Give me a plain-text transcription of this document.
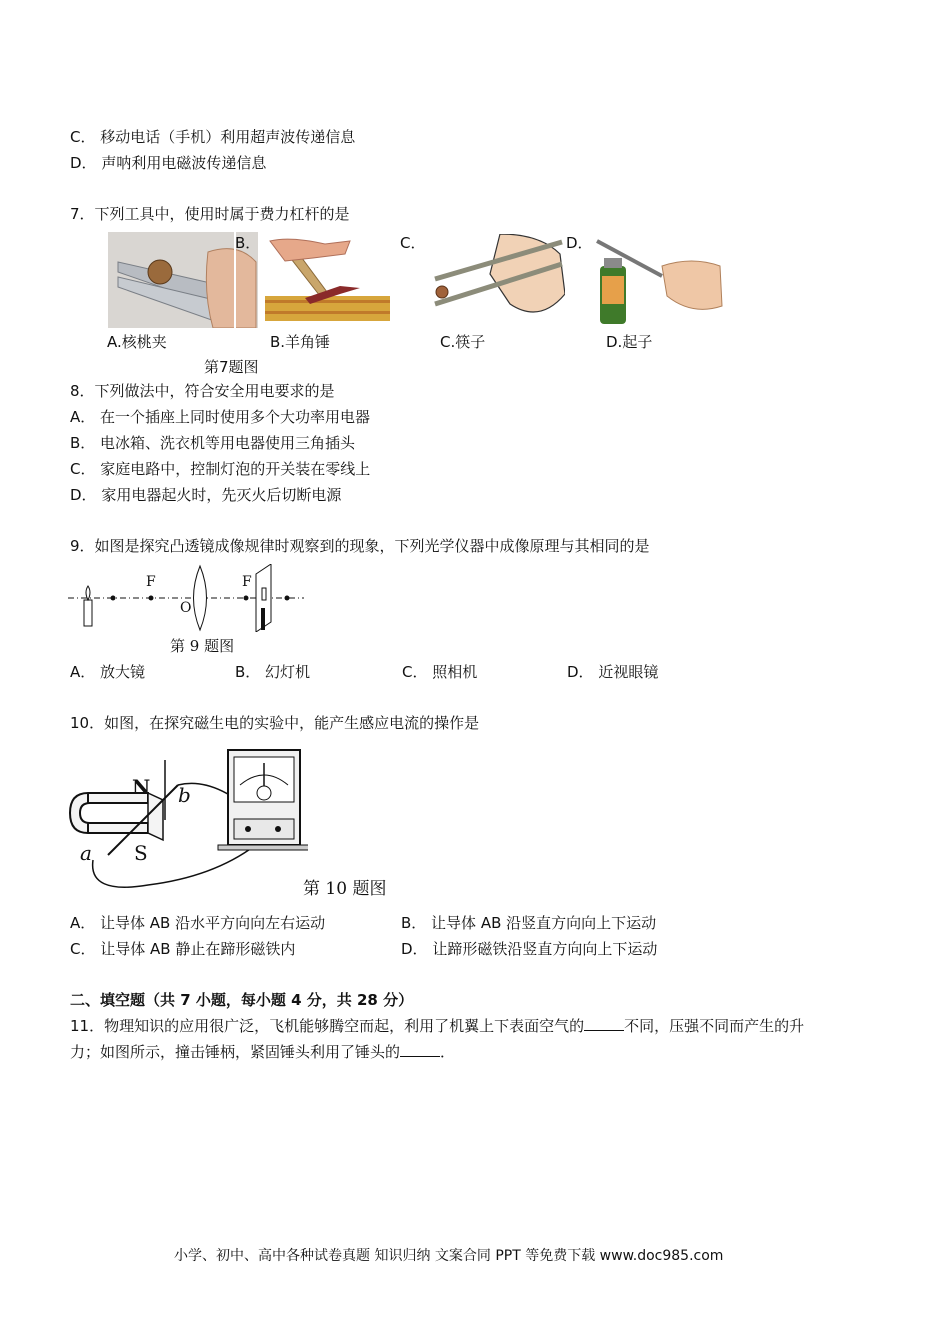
C． 移动电话（手机）利用超声波传递信息
D． 声呐利用电磁波传递信息
7．下列工具中，使用时属于费力杠杆的是
B．	C．	D．
A.核桃夹	B.羊角锤	C.筷子	D.起子
第7题图
8．下列做法中，符合安全用电要求的是
A． 在一个插座上同时使用多个大功率用电器
B． 电冰箱、洗衣机等用电器使用三角插头
C． 家庭电路中，控制灯泡的开关装在零线上
D． 家用电器起火时，先灭火后切断电源
9．如图是探究凸透镜成像规律时观察到的现象，下列光学仪器中成像原理与其相同的是
F
O
F
第 9 题图
A． 放大镜	B． 幻灯机	C． 照相机	D． 近视眼镜
10．如图，在探究磁生电的实验中，能产生感应电流的操作是
N
S
a
b
第 10 题图
A． 让导体 AB 沿水平方向向左右运动	B． 让导体 AB 沿竖直方向向上下运动
C． 让导体 AB 静止在蹄形磁铁内	D． 让蹄形磁铁沿竖直方向向上下运动
二、填空题（共 7 小题，每小题 4 分，共 28 分）
11．物理知识的应用很广泛，飞机能够腾空而起，利用了机翼上下表面空气的	不同，压强不同而产生的升
力；如图所示，撞击锤柄，紧固锤头利用了锤头的	．
小学、初中、高中各种试卷真题 知识归纳 文案合同 PPT 等免费下载 www.doc985.com
